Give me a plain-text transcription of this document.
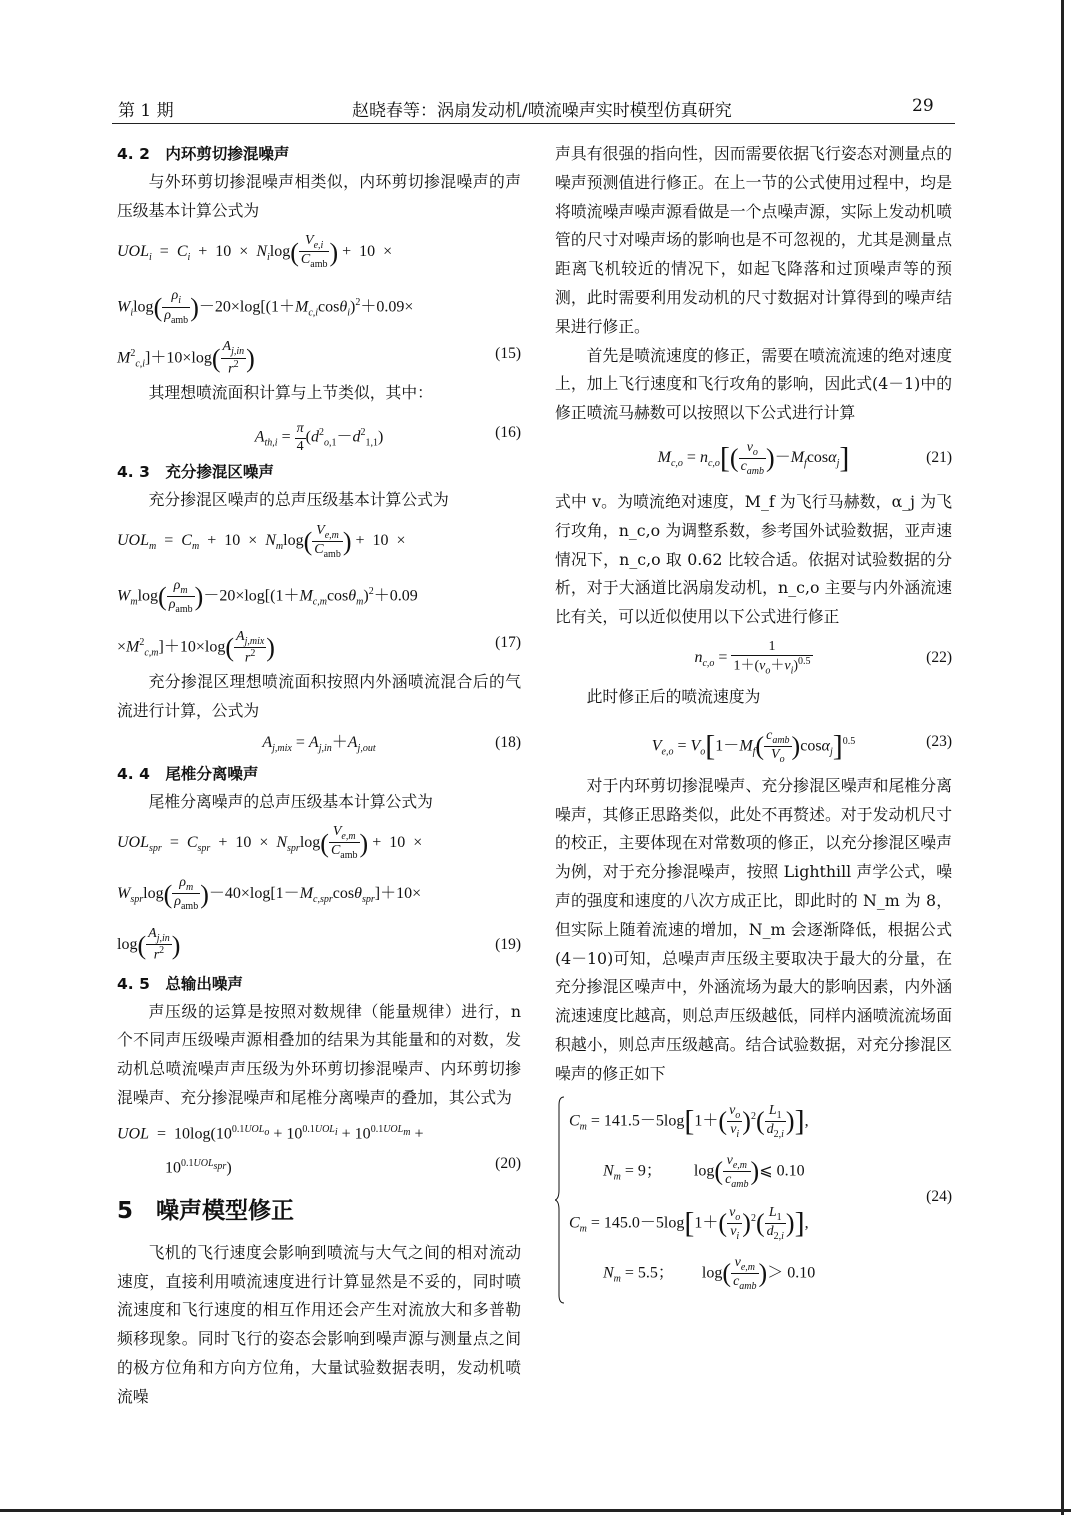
第 1 期	赵晓春等：涡扇发动机/喷流噪声实时模型仿真研究	29
4. 2　内环剪切掺混噪声

与外环剪切掺混噪声相类似，内环剪切掺混噪声的声压级基本计算公式为

$UOL_i = C_i + 10 \times N_i\log( \frac{V_{e,i}}{C_{amb}}$ ) +  10  ×
$W_i\log( \frac{\rho_i}{\rho_{amb}} )-20\times\log[(1+M_{c,i}\cos\theta_i)^2+0.09\times$
$M^2_{c,i}]+10\times\log( \frac{A_{j,in}}{r^2}$ )	(15)

其理想喷流面积计算与上节类似，其中：

$A_{th,i} = \frac{\pi}{4} (d^2_{o,1}-d^2_{1,1})$	(16)
4. 3　充分掺混区噪声

充分掺混区噪声的总声压级基本计算公式为

$UOL_m = C_m + 10 \times N_m\log( \frac{V_{e,m}}{C_{amb}}$ ) +  10  ×
$W_m\log( \frac{\rho_m}{\rho_{amb}} )-20\times\log[(1+M_{c,m}\cos\theta_m)^2+0.09$
$\times M^2_{c,m}]+10\times\log( \frac{A_{j,mix}}{r^2}$ )	(17)

充分掺混区理想喷流面积按照内外涵喷流混合后的气流进行计算，公式为

$A_{j,mix} = A_{j,in}+A_{j,out}$	(18)
4. 4　尾椎分离噪声

尾椎分离噪声的总声压级基本计算公式为

$UOL_{spr} = C_{spr} + 10 \times N_{spr}\log( \frac{V_{e,m}}{C_{amb}}$ ) +  10  ×
$W_{spr}\log( \frac{\rho_m}{\rho_{amb}} )-40\times\log[1-M_{c,spr}\cos\theta_{spr}]+10\times$
$\log( \frac{A_{j,in}}{r^2}$ )	(19)
4. 5　总输出噪声

声压级的运算是按照对数规律（能量规律）进行，n 个不同声压级噪声源相叠加的结果为其能量和的对数，发动机总喷流噪声声压级为外环剪切掺混噪声、内环剪切掺混噪声、充分掺混噪声和尾椎分离噪声的叠加，其公式为

UOL  =  $10\log(10^{0.1UOL_o} + 10^{0.1UOL_i} + 10^{0.1UOL_m}$ +
$10^{0.1UOL_{spr}}$)	(20)
5　噪声模型修正

飞机的飞行速度会影响到喷流与大气之间的相对流动速度，直接利用喷流速度进行计算显然是不妥的，同时喷流速度和飞行速度的相互作用还会产生对流放大和多普勒频移现象。同时飞行的姿态会影响到噪声源与测量点之间的极方位角和方向方位角，大量试验数据表明，发动机喷流噪

声具有很强的指向性，因而需要依据飞行姿态对测量点的噪声预测值进行修正。在上一节的公式使用过程中，均是将喷流噪声噪声源看做是一个点噪声源，实际上发动机喷管的尺寸对噪声场的影响也是不可忽视的，尤其是测量点距离飞机较近的情况下，如起飞降落和过顶噪声等的预测，此时需要利用发动机的尺寸数据对计算得到的噪声结果进行修正。

首先是喷流速度的修正，需要在喷流流速的绝对速度上，加上飞行速度和飞行攻角的影响，因此式(4－1)中的修正喷流马赫数可以按照以下公式进行计算

$M_{c,o} = n_{c,o}[( \frac{v_o}{c_{amb}} )-M_f\cos\alpha_j]$	(21)

式中 v。为喷流绝对速度，M_f 为飞行马赫数，α_j 为飞行攻角，n_c,o 为调整系数，参考国外试验数据，亚声速情况下，n_c,o 取 0.62 比较合适。依据对试验数据的分析，对于大涵道比涡扇发动机，n_c,o 主要与内外涵流速比有关，可以近似使用以下公式进行修正

$n_{c,o} = \frac{1}{1+(v_o+v_i)^{0.5}}$	(22)

此时修正后的喷流速度为

$V_{e,o} = V_o[1-M_f( \frac{c_{amb}}{V_o} )\cos\alpha_j]^{0.5}$	(23)

对于内环剪切掺混噪声、充分掺混区噪声和尾椎分离噪声，其修正思路类似，此处不再赘述。对于发动机尺寸的校正，主要体现在对常数项的修正，以充分掺混区噪声为例，对于充分掺混噪声，按照 Lighthill 声学公式，噪声的强度和速度的八次方成正比，即此时的 N_m 为 8，但实际上随着流速的增加，N_m 会逐渐降低，根据公式(4－10)可知，总噪声声压级主要取决于最大的分量，在充分掺混区噪声中，外涵流场为最大的影响因素，内外涵流速速度比越高，则总声压级越低，同样内涵喷流流场面积越小，则总声压级越高。结合试验数据，对充分掺混区噪声的修正如下

$C_m = 141.5-5\log[1+( \frac{v_o}{v_i} )^2( \frac{L_1}{d_{2,i}}$ )],
$N_m = 9$；        $\log( \frac{v_{e,m}}{c_{amb}}$ )⩽ 0.10
$C_m = 145.0-5\log[1+( \frac{v_o}{v_i} )^2( \frac{L_1}{d_{2,i}}$ )],
$N_m = 5.5$；       $\log( \frac{v_{e,m}}{c_{amb}}$ )＞ 0.10
(24)
